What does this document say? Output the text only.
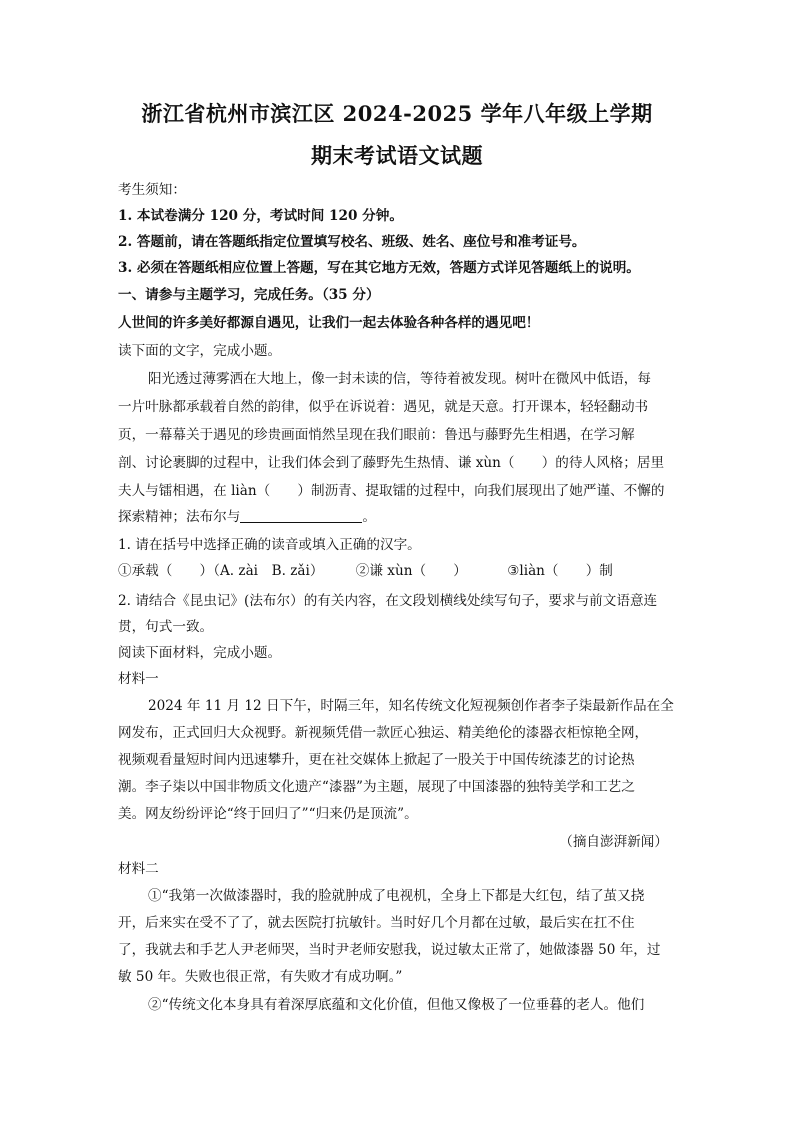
浙江省杭州市滨江区 2024-2025 学年八年级上学期
期末考试语文试题
考生须知：
1. 本试卷满分 120 分，考试时间 120 分钟。
2. 答题前，请在答题纸指定位置填写校名、班级、姓名、座位号和准考证号。
3. 必须在答题纸相应位置上答题，写在其它地方无效，答题方式详见答题纸上的说明。
一、请参与主题学习，完成任务。（35 分）
人世间的许多美好都源自遇见，让我们一起去体验各种各样的遇见吧！
读下面的文字，完成小题。
阳光透过薄雾洒在大地上，像一封未读的信，等待着被发现。树叶在微风中低语，每
一片叶脉都承载着自然的韵律，似乎在诉说着：遇见，就是天意。打开课本，轻轻翻动书
页，一幕幕关于遇见的珍贵画面悄然呈现在我们眼前：鲁迅与藤野先生相遇，在学习解
剖、讨论裹脚的过程中，让我们体会到了藤野先生热情、谦 xùn（　　）的待人风格；居里
夫人与镭相遇，在 liàn（　　）制沥青、提取镭的过程中，向我们展现出了她严谨、不懈的
探索精神；法布尔与	。
1. 请在括号中选择正确的读音或填入正确的汉字。
①承载（　　）（A. zài　B. zǎi） ②谦 xùn（　　）	③liàn（　　）制
2. 请结合《昆虫记》(法布尔）的有关内容，在文段划横线处续写句子，要求与前文语意连
贯，句式一致。
阅读下面材料，完成小题。
材料一
2024 年 11 月 12 日下午，时隔三年，知名传统文化短视频创作者李子柒最新作品在全
网发布，正式回归大众视野。新视频凭借一款匠心独运、精美绝伦的漆器衣柜惊艳全网，
视频观看量短时间内迅速攀升，更在社交媒体上掀起了一股关于中国传统漆艺的讨论热
潮。李子柒以中国非物质文化遗产“漆器”为主题，展现了中国漆器的独特美学和工艺之
美。网友纷纷评论“终于回归了”“归来仍是顶流”。
（摘自澎湃新闻）
材料二
①“我第一次做漆器时，我的脸就肿成了电视机，全身上下都是大红包，结了茧又挠
开，后来实在受不了了，就去医院打抗敏针。当时好几个月都在过敏，最后实在扛不住
了，我就去和手艺人尹老师哭，当时尹老师安慰我，说过敏太正常了，她做漆器 50 年，过
敏 50 年。失败也很正常，有失败才有成功啊。”
②“传统文化本身具有着深厚底蕴和文化价值，但他又像极了一位垂暮的老人。他们
